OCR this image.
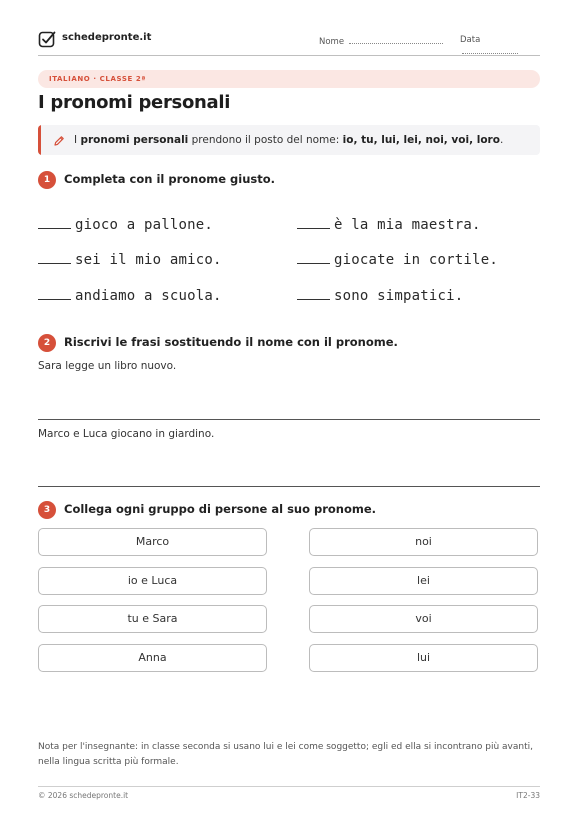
schedepronte.it	Nome	Data
ITALIANO · CLASSE 2ª
I pronomi personali
I pronomi personali prendono il posto del nome: io, tu, lui, lei, noi, voi, loro.
1	Completa con il pronome giusto.
gioco a pallone.	è la mia maestra.
sei il mio amico.	giocate in cortile.
andiamo a scuola.	sono simpatici.
2	Riscrivi le frasi sostituendo il nome con il pronome.
Sara legge un libro nuovo.
Marco e Luca giocano in giardino.
3	Collega ogni gruppo di persone al suo pronome.
Marco	noi
io e Luca	lei
tu e Sara	voi
Anna	lui
Nota per l'insegnante: in classe seconda si usano lui e lei come soggetto; egli ed ella si incontrano più avanti, nella lingua scritta più formale.
© 2026 schedepronte.it	IT2-33
